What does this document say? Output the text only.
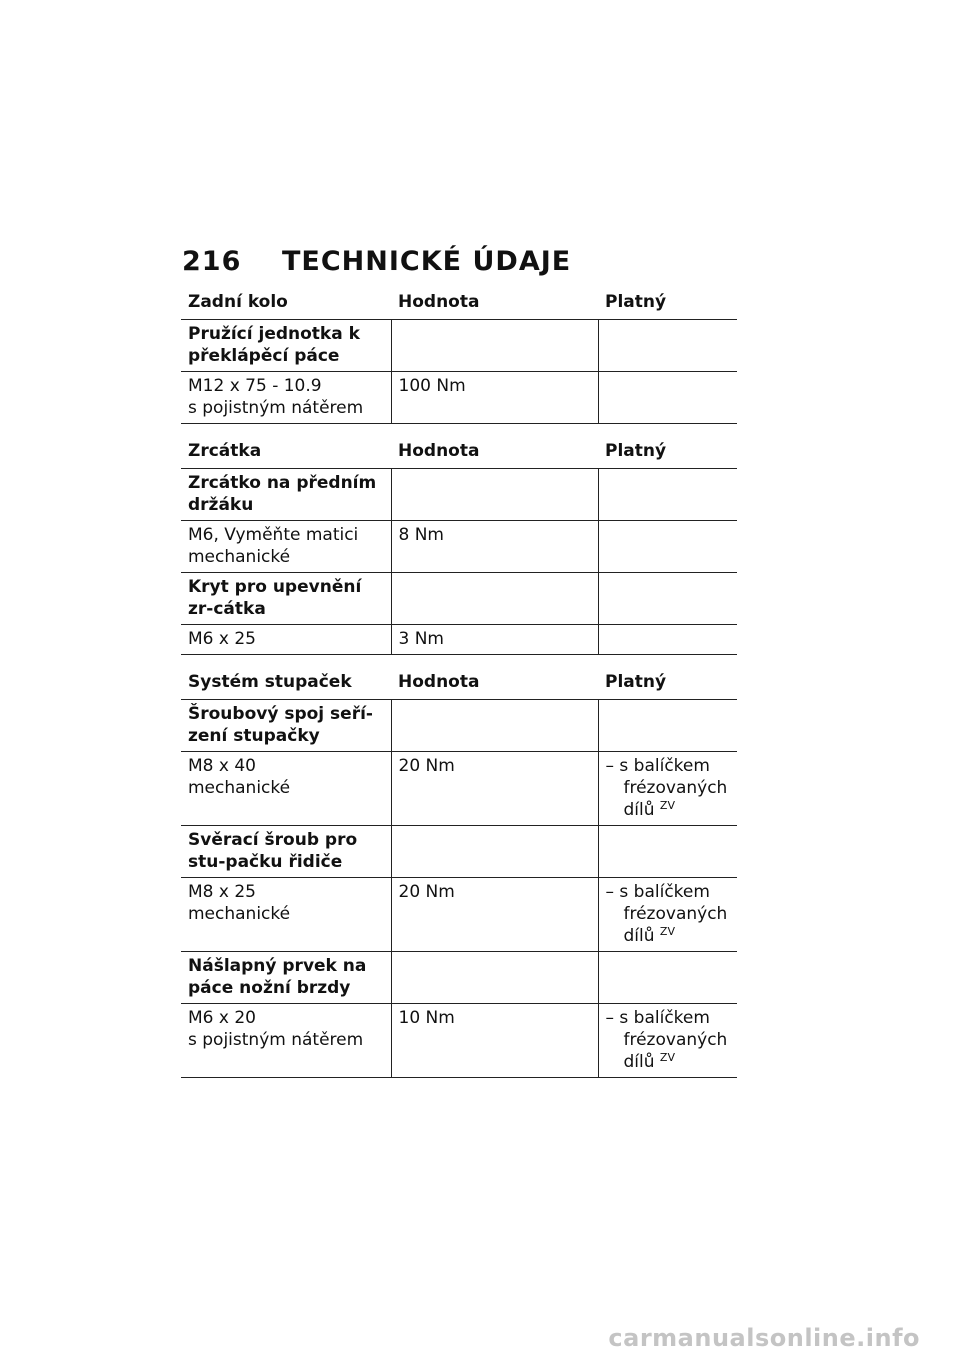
216 TECHNICKÉ ÚDAJE
Zadní kolo	Hodnota	Platný
Pružící jednotka k překlápěcí páce		

M12 x 75 - 10.9
s pojistným nátěrem	100 Nm	
Zrcátka	Hodnota	Platný
Zrcátko na předním držáku		

M6, Vyměňte matici
mechanické	8 Nm	
Kryt pro upevnění zr-cátka		

M6 x 25	3 Nm	
Systém stupaček	Hodnota	Platný
Šroubový spoj seří-zení stupačky		

M8 x 40
mechanické	20 Nm	– s balíčkem frézovaných dílů $^{ZV}$

Svěrací šroub pro stu-pačku řidiče		

M8 x 25
mechanické	20 Nm	– s balíčkem frézovaných dílů $^{ZV}$

Nášlapný prvek na páce nožní brzdy		

M6 x 20
s pojistným nátěrem	10 Nm	– s balíčkem frézovaných dílů $^{ZV}$
carmanualsonline.info
